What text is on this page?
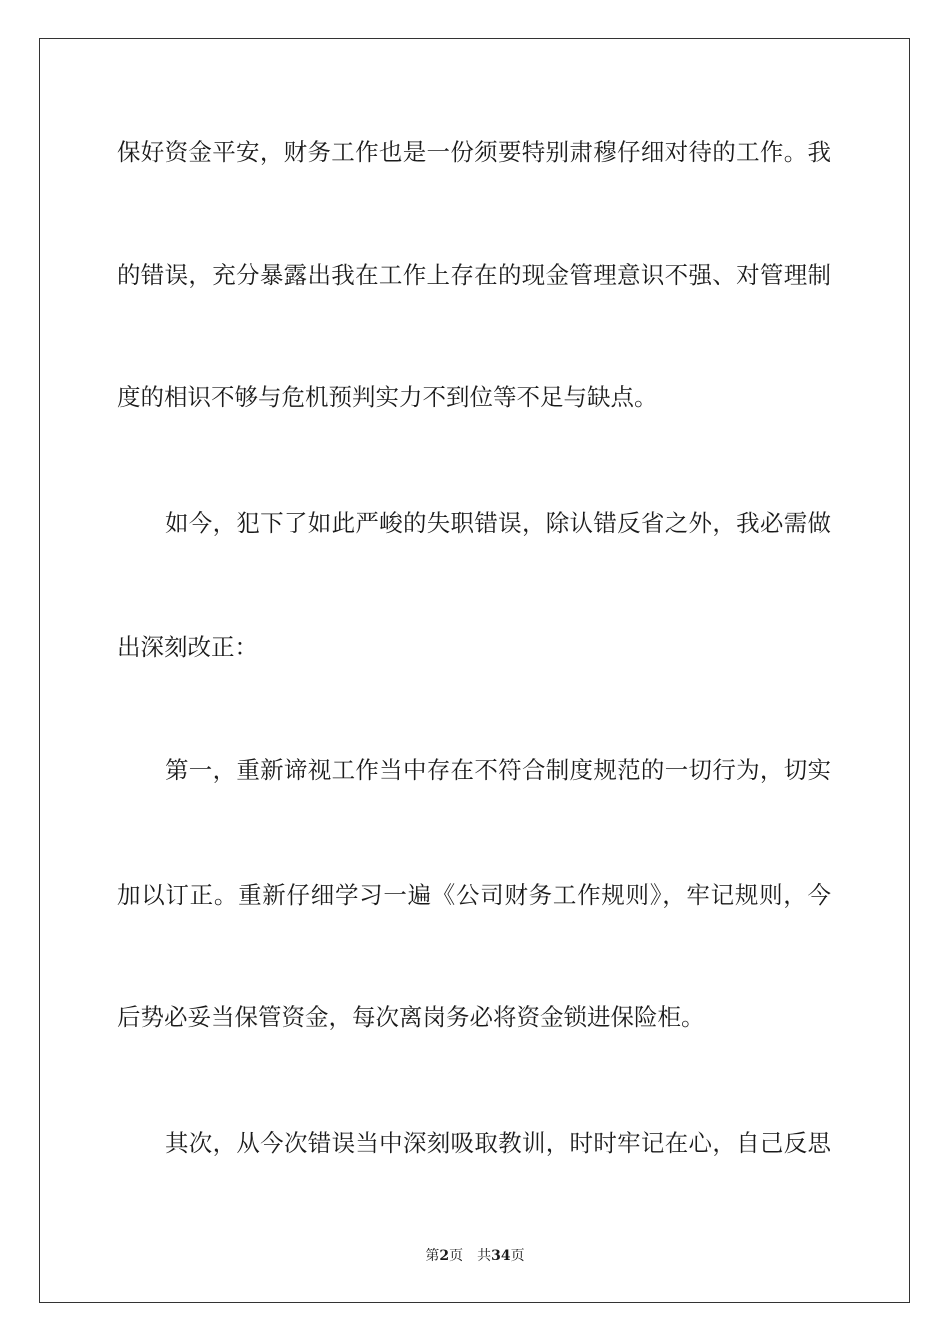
保好资金平安，财务工作也是一份须要特别肃穆仔细对待的工作。我
的错误，充分暴露出我在工作上存在的现金管理意识不强、对管理制
度的相识不够与危机预判实力不到位等不足与缺点。
如今，犯下了如此严峻的失职错误，除认错反省之外，我必需做
出深刻改正：
第一，重新谛视工作当中存在不符合制度规范的一切行为，切实
加以订正。重新仔细学习一遍《公司财务工作规则》，牢记规则，今
后势必妥当保管资金，每次离岗务必将资金锁进保险柜。
其次，从今次错误当中深刻吸取教训，时时牢记在心，自己反思
第2页 共34页
